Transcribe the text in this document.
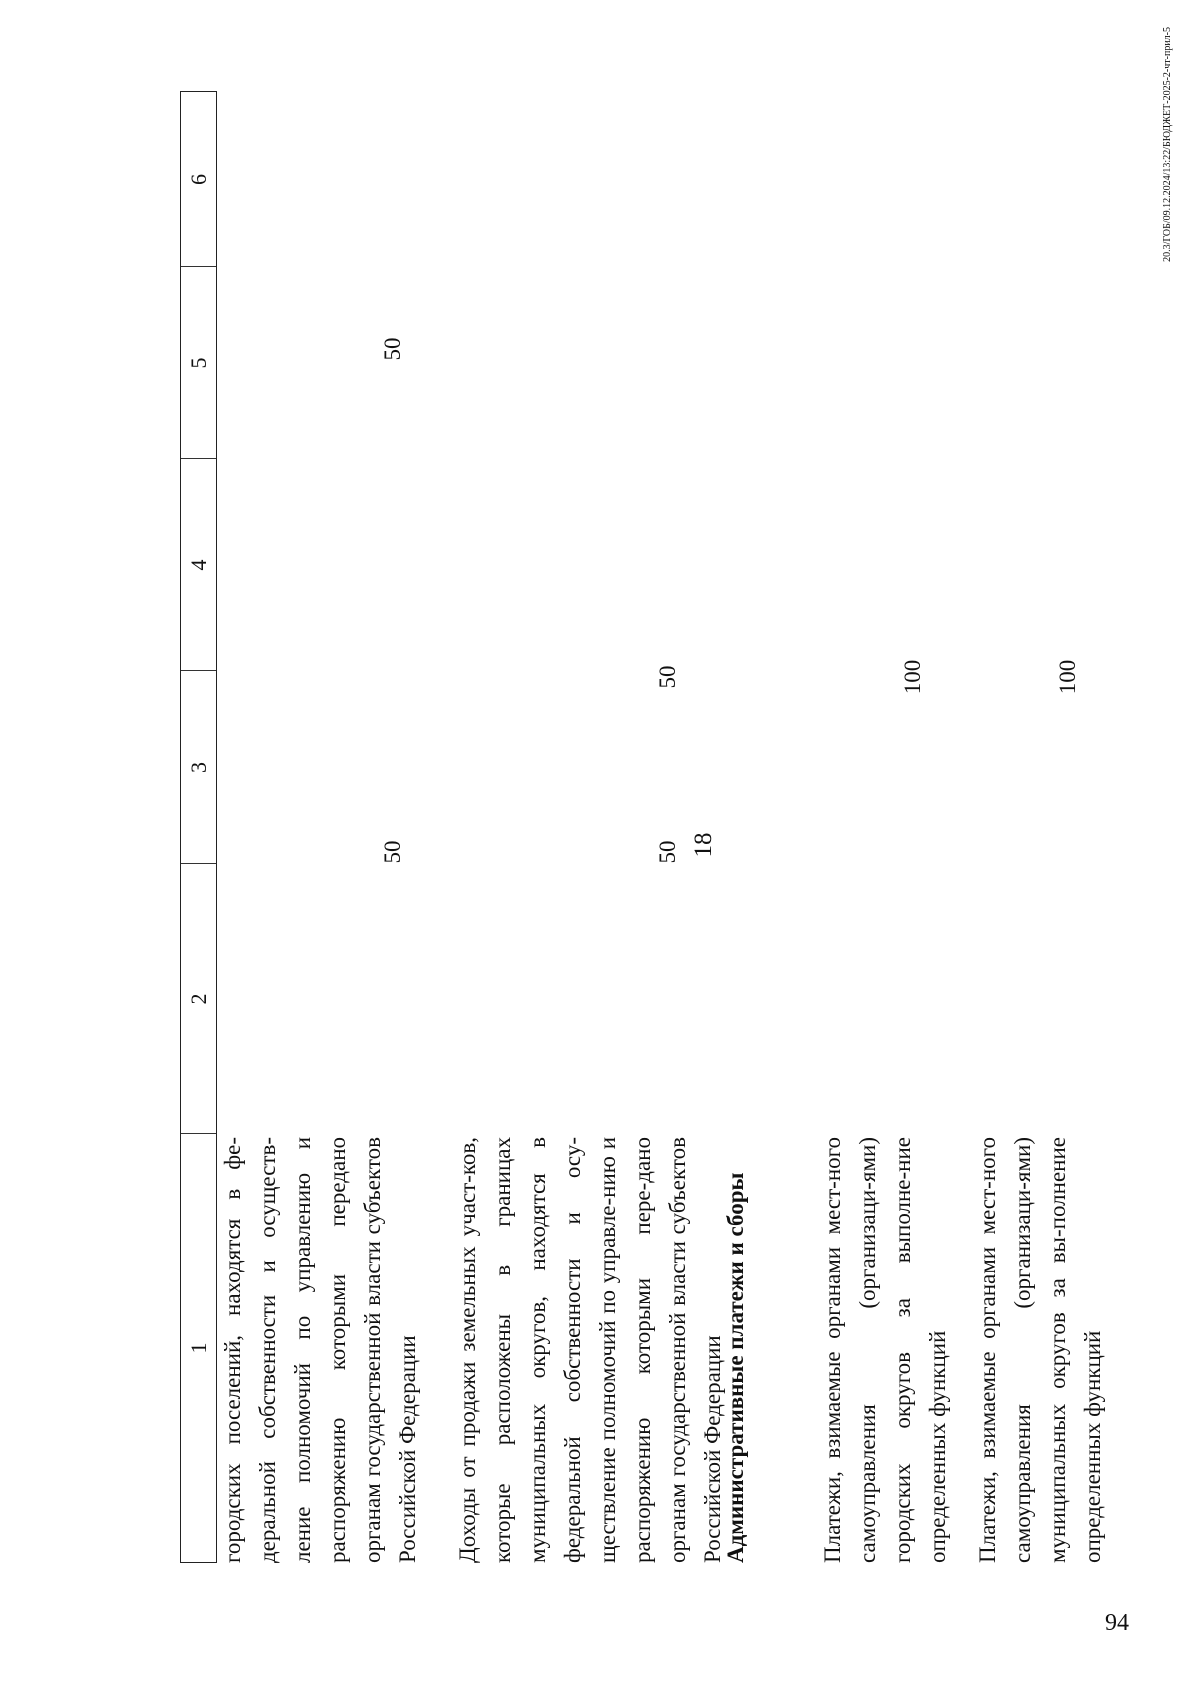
18
1
2
3
4
5
6
городских поселений, находятся в фе-деральной собственности и осуществ-ление полномочий по управлению и распоряжению которыми передано органам государственной власти субъектов Российской Федерации
50
50
Доходы от продажи земельных участ-ков, которые расположены в границах муниципальных округов, находятся в федеральной собственности и осу-ществление полномочий по управле-нию и распоряжению которыми пере-дано органам государственной власти субъектов Российской Федерации
50
50
Административные платежи и сборы	Платежи, взимаемые органами мест-ного самоуправления (организаци-ями) городских округов за выполне-ние определенных функций
100
Платежи, взимаемые органами мест-ного самоуправления (организаци-ями) муниципальных округов за вы-полнение определенных функций
100
20.3/ГОБ/09.12.2024/13:22/БЮДЖЕТ-2025-2-чт-прил-5
94
